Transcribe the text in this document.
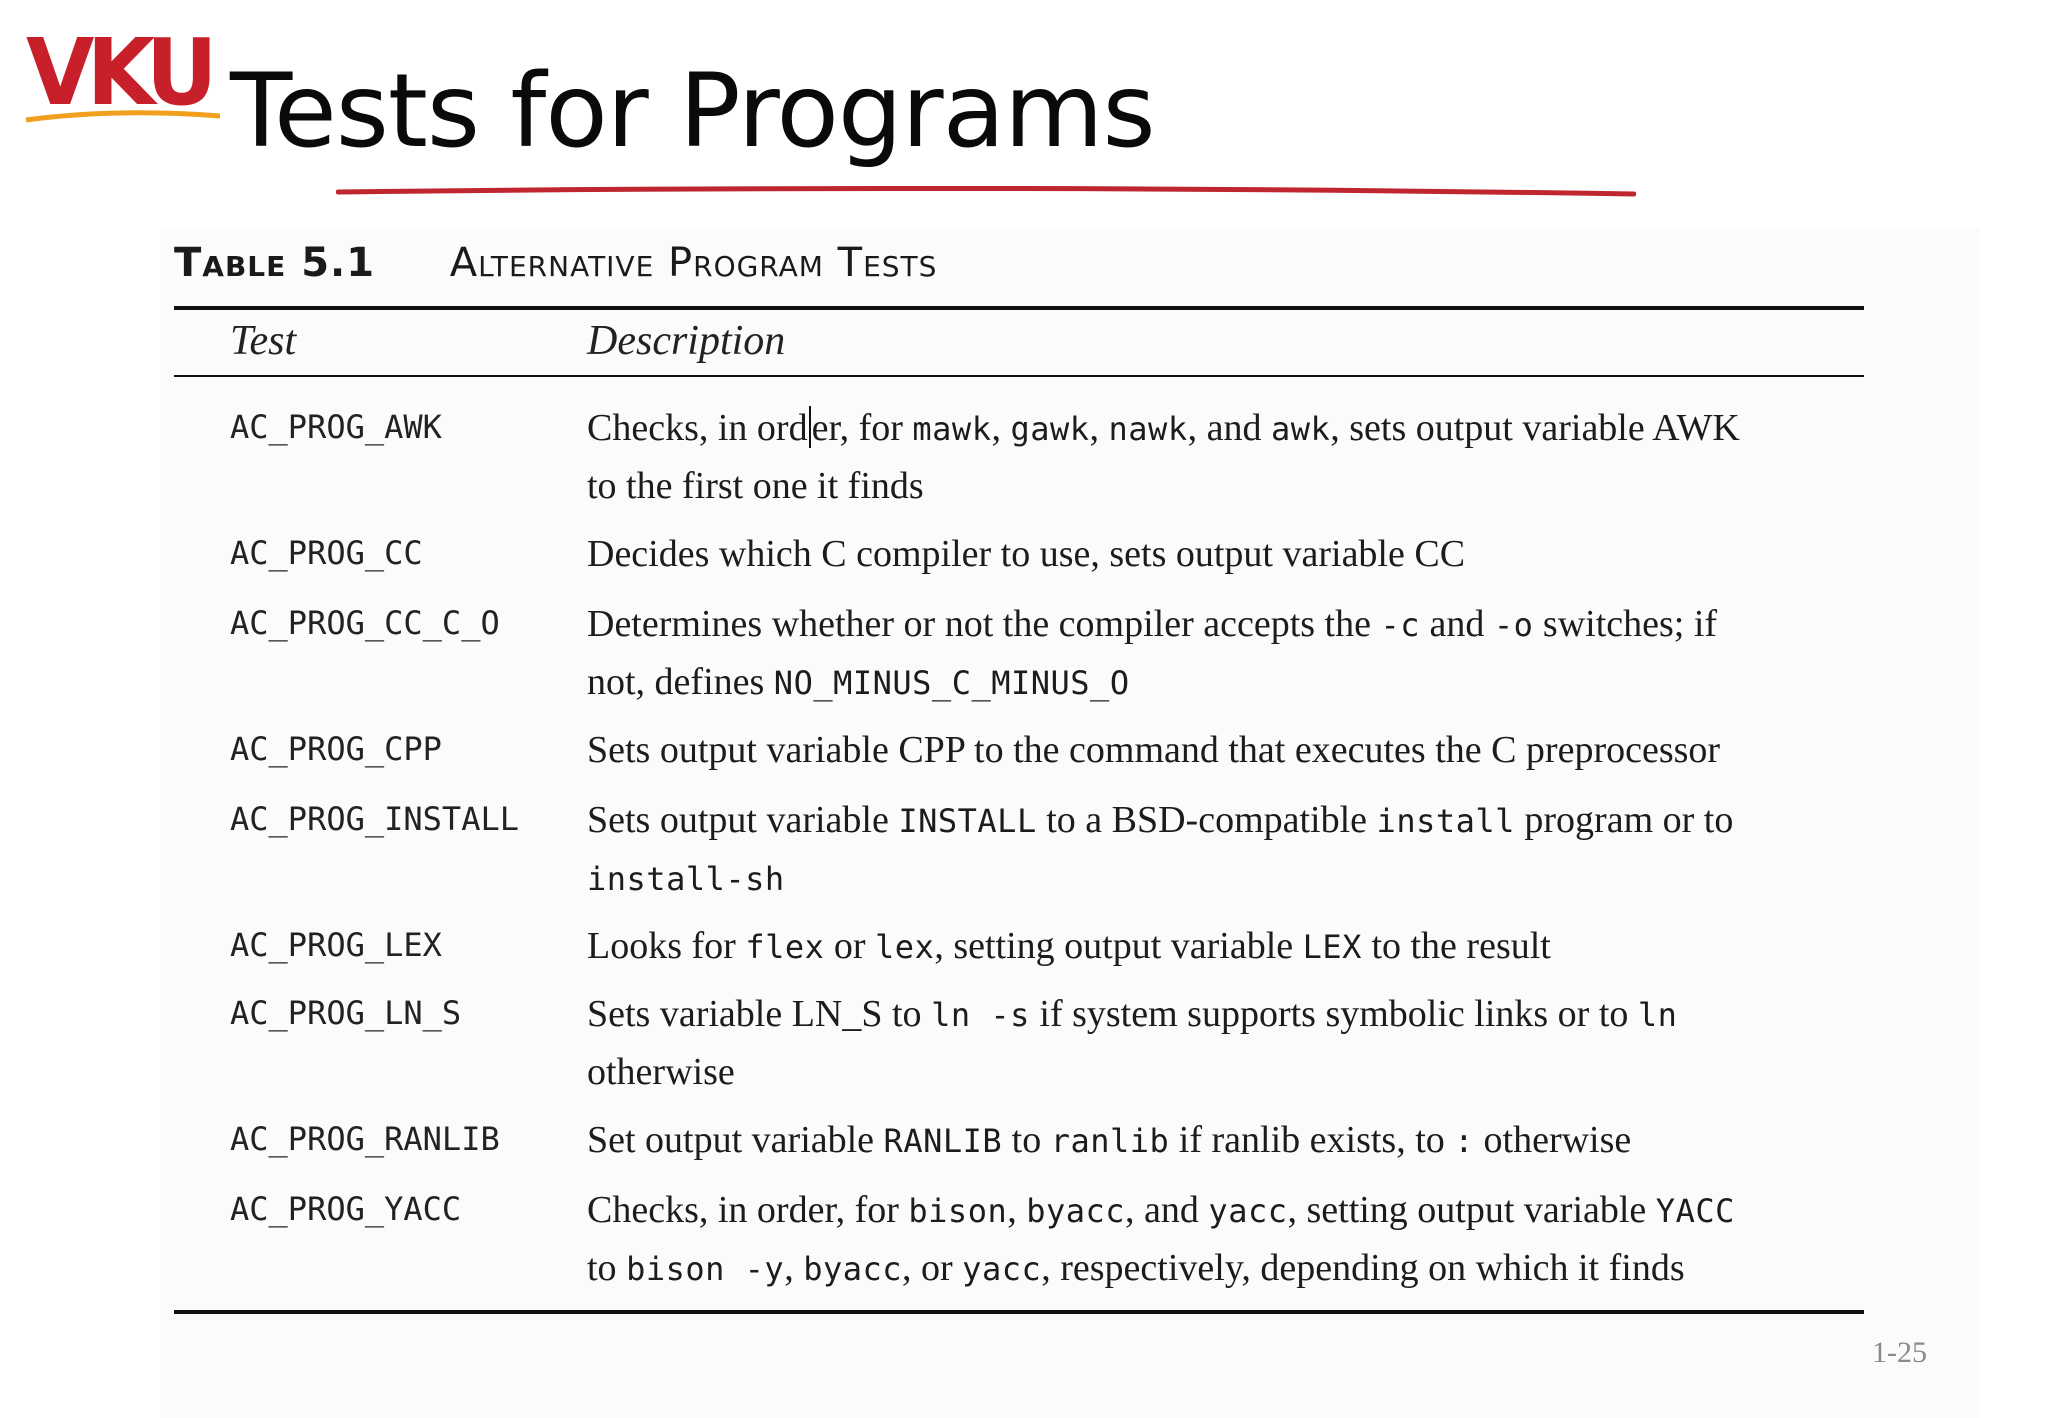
VKU Tests for Programs
Table 5.1 Alternative Program Tests
Test	Description
AC_PROG_AWK	Checks, in ord er, for mawk, gawk, nawk, and awk, sets output variable AWK
to the first one it finds
AC_PROG_CC	Decides which C compiler to use, sets output variable CC
AC_PROG_CC_C_O Determines whether or not the compiler accepts the -c and -o switches; if
not, defines NO_MINUS_C_MINUS_O
AC_PROG_CPP	Sets output variable CPP to the command that executes the C preprocessor
AC_PROG_INSTALL Sets output variable INSTALL to a BSD-compatible install program or to
install-sh
AC_PROG_LEX	Looks for flex or lex, setting output variable LEX to the result
AC_PROG_LN_S	Sets variable LN_S to ln -s if system supports symbolic links or to ln
otherwise
AC_PROG_RANLIB Set output variable RANLIB to ranlib if ranlib exists, to : otherwise
AC_PROG_YACC	Checks, in order, for bison, byacc, and yacc, setting output variable YACC
to bison -y, byacc, or yacc, respectively, depending on which it finds
1-25
